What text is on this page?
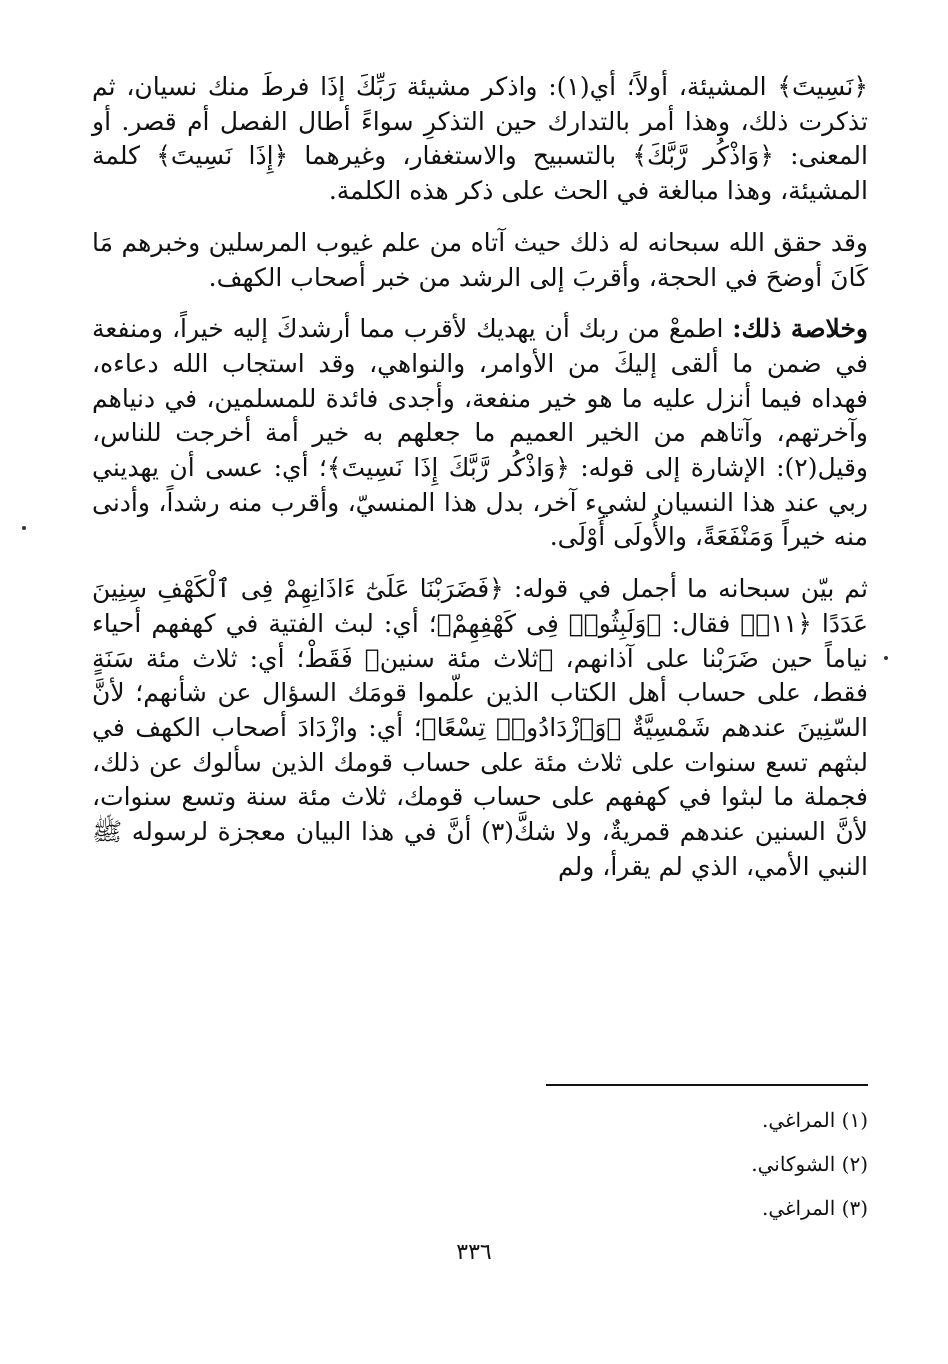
﴿نَسِيتَ﴾ المشيئة، أولاً؛ أي(١): واذكر مشيئة رَبِّكَ إذَا فرطَ منك نسيان، ثم تذكرت ذلك، وهذا أمر بالتدارك حين التذكرِ سواءً أطال الفصل أم قصر. أو المعنى: ﴿وَاذْكُر رَّبَّكَ﴾ بالتسبيح والاستغفار، وغيرهما ﴿إِذَا نَسِيتَ﴾ كلمة المشيئة، وهذا مبالغة في الحث على ذكر هذه الكلمة.

وقد حقق الله سبحانه له ذلك حيث آتاه من علم غيوب المرسلين وخبرهم مَا كَانَ أوضحَ في الحجة، وأقربَ إلى الرشد من خبر أصحاب الكهف.

وخلاصة ذلك: اطمعْ من ربك أن يهديك لأقرب مما أرشدكَ إليه خيراً، ومنفعة في ضمن ما ألقى إليكَ من الأوامر، والنواهي، وقد استجاب الله دعاءه، فهداه فيما أنزل عليه ما هو خير منفعة، وأجدى فائدة للمسلمين، في دنياهم وآخرتهم، وآتاهم من الخير العميم ما جعلهم به خير أمة أخرجت للناس، وقيل(٢): الإشارة إلى قوله: ﴿وَاذْكُر رَّبَّكَ إِذَا نَسِيتَ﴾؛ أي: عسى أن يهديني ربي عند هذا النسيان لشيء آخر، بدل هذا المنسيّ، وأقرب منه رشداً، وأدنى منه خيراً وَمَنْفَعَةً، والأُولَى أَوْلَى.

ثم بيّن سبحانه ما أجمل في قوله: ﴿فَضَرَبْنَا عَلَىٰٓ ءَاذَانِهِمْ فِى ٱلْكَهْفِ سِنِينَ عَدَدًا ﴿١١﴾﴾ فقال: ﴿وَلَبِثُوا۟ فِى كَهْفِهِمْ﴾؛ أي: لبث الفتية في كهفهم أحياء نياماً حين ضَرَبْنا على آذانهم، ﴿ثلاث مئة سنين﴾ فَقَطْ؛ أي: ثلاث مئة سَنَةٍ فقط، على حساب أهل الكتاب الذين علّموا قومَك السؤال عن شأنهم؛ لأنَّ السّنِينَ عندهم شَمْسِيَّةٌ ﴿وَٱزْدَادُوا۟ تِسْعًا﴾؛ أي: وازْدَادَ أصحاب الكهف في لبثهم تسع سنوات على ثلاث مئة على حساب قومك الذين سألوك عن ذلك، فجملة ما لبثوا في كهفهم على حساب قومك، ثلاث مئة سنة وتسع سنوات، لأنَّ السنين عندهم قمريةٌ، ولا شكَّ(٣) أنَّ في هذا البيان معجزة لرسوله ﷺ النبي الأمي، الذي لم يقرأ، ولم

(١) المراغي.
(٢) الشوكاني.
(٣) المراغي.
٣٣٦
